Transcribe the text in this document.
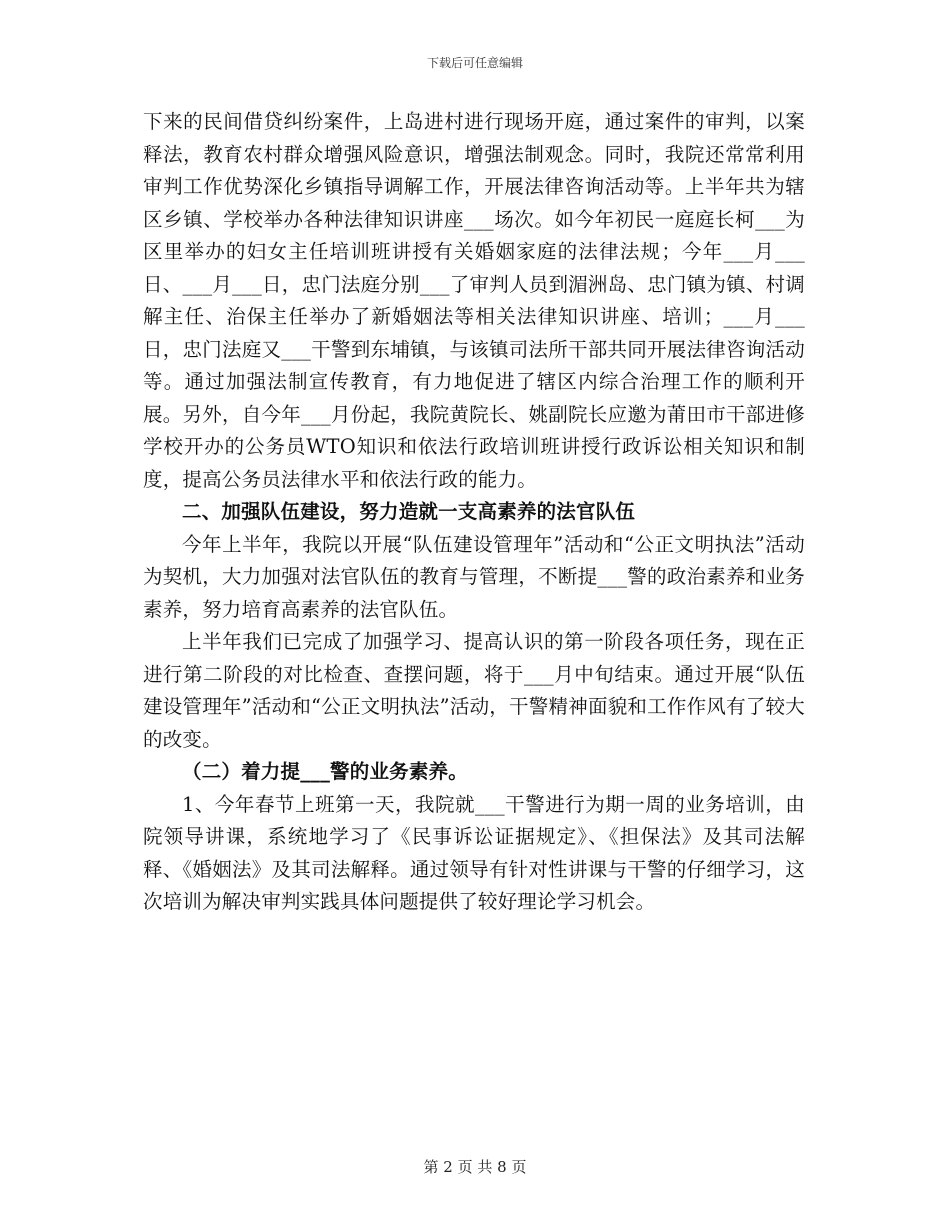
下载后可任意编辑

下来的民间借贷纠纷案件，上岛进村进行现场开庭，通过案件的审判，以案释法，教育农村群众增强风险意识，增强法制观念。同时，我院还常常利用审判工作优势深化乡镇指导调解工作，开展法律咨询活动等。上半年共为辖区乡镇、学校举办各种法律知识讲座___场次。如今年初民一庭庭长柯___为区里举办的妇女主任培训班讲授有关婚姻家庭的法律法规；今年___月___日、___月___日，忠门法庭分别___了审判人员到湄洲岛、忠门镇为镇、村调解主任、治保主任举办了新婚姻法等相关法律知识讲座、培训；___月___日，忠门法庭又___干警到东埔镇，与该镇司法所干部共同开展法律咨询活动等。通过加强法制宣传教育，有力地促进了辖区内综合治理工作的顺利开展。另外，自今年___月份起，我院黄院长、姚副院长应邀为莆田市干部进修学校开办的公务员WTO知识和依法行政培训班讲授行政诉讼相关知识和制度，提高公务员法律水平和依法行政的能力。

二、加强队伍建设，努力造就一支高素养的法官队伍

今年上半年，我院以开展“队伍建设管理年”活动和“公正文明执法”活动为契机，大力加强对法官队伍的教育与管理，不断提___警的政治素养和业务素养，努力培育高素养的法官队伍。

上半年我们已完成了加强学习、提高认识的第一阶段各项任务，现在正进行第二阶段的对比检查、查摆问题，将于___月中旬结束。通过开展“队伍建设管理年”活动和“公正文明执法”活动，干警精神面貌和工作作风有了较大的改变。

（二）着力提___警的业务素养。

1、今年春节上班第一天，我院就___干警进行为期一周的业务培训，由院领导讲课，系统地学习了《民事诉讼证据规定》、《担保法》及其司法解释、《婚姻法》及其司法解释。通过领导有针对性讲课与干警的仔细学习，这次培训为解决审判实践具体问题提供了较好理论学习机会。

第 2 页 共 8 页
